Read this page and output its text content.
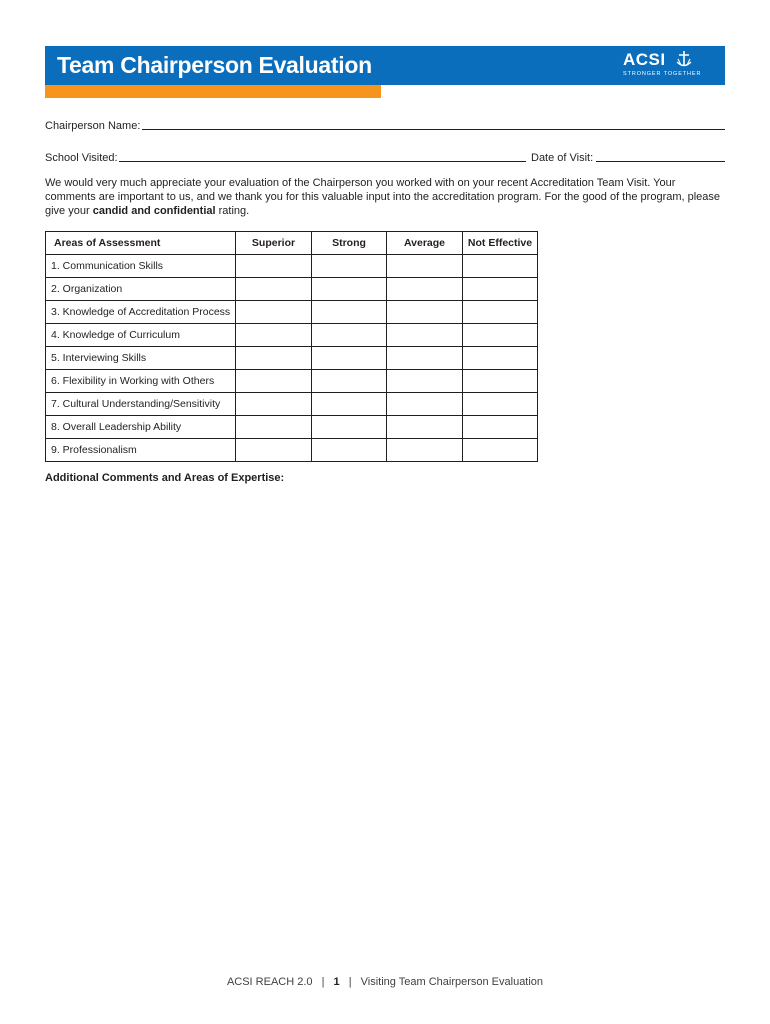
Team Chairperson Evaluation	ACSI
STRONGER TOGETHER
Chairperson Name:
School Visited:	Date of Visit:
We would very much appreciate your evaluation of the Chairperson you worked with on your recent Accreditation Team Visit. Your comments are important to us, and we thank you for this valuable input into the accreditation program. For the good of the program, please give your candid and confidential rating.
Areas of Assessment	Superior	Strong	Average	Not Effective
1. Communication Skills				
2. Organization				
3. Knowledge of Accreditation Process				
4. Knowledge of Curriculum				
5. Interviewing Skills				
6. Flexibility in Working with Others				
7. Cultural Understanding/Sensitivity				
8. Overall Leadership Ability				
9. Professionalism				
Additional Comments and Areas of Expertise:
ACSI REACH 2.0 | 1 | Visiting Team Chairperson Evaluation
